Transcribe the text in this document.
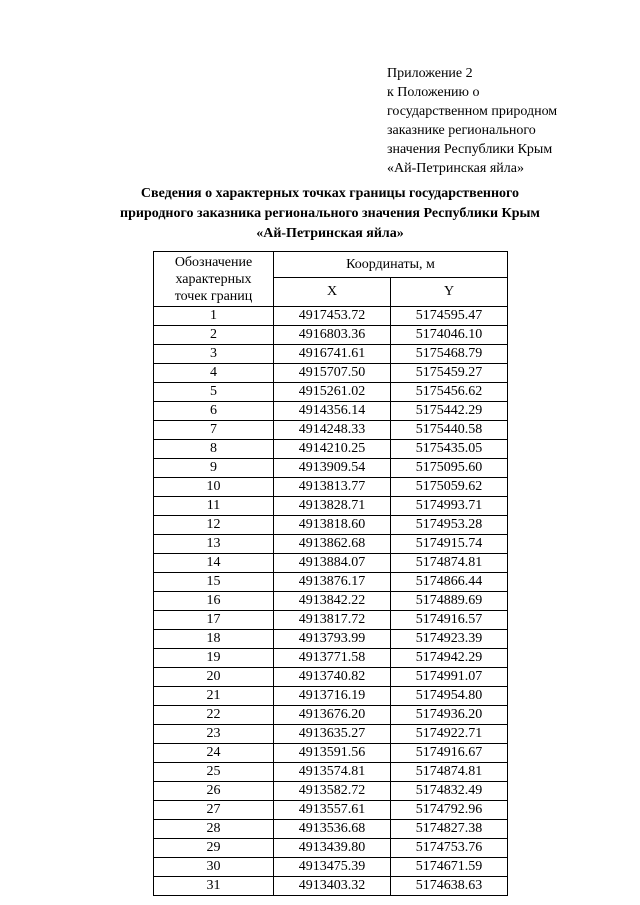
Приложение 2
к Положению о
государственном природном
заказнике регионального
значения Республики Крым
«Ай-Петринская яйла»
Сведения о характерных точках границы государственного
природного заказника регионального значения Республики Крым
«Ай-Петринская яйла»
Обозначение
характерных
точек границ	Координаты, м	
	X	Y
1	4917453.72	5174595.47
2	4916803.36	5174046.10
3	4916741.61	5175468.79
4	4915707.50	5175459.27
5	4915261.02	5175456.62
6	4914356.14	5175442.29
7	4914248.33	5175440.58
8	4914210.25	5175435.05
9	4913909.54	5175095.60
10	4913813.77	5175059.62
11	4913828.71	5174993.71
12	4913818.60	5174953.28
13	4913862.68	5174915.74
14	4913884.07	5174874.81
15	4913876.17	5174866.44
16	4913842.22	5174889.69
17	4913817.72	5174916.57
18	4913793.99	5174923.39
19	4913771.58	5174942.29
20	4913740.82	5174991.07
21	4913716.19	5174954.80
22	4913676.20	5174936.20
23	4913635.27	5174922.71
24	4913591.56	5174916.67
25	4913574.81	5174874.81
26	4913582.72	5174832.49
27	4913557.61	5174792.96
28	4913536.68	5174827.38
29	4913439.80	5174753.76
30	4913475.39	5174671.59
31	4913403.32	5174638.63
